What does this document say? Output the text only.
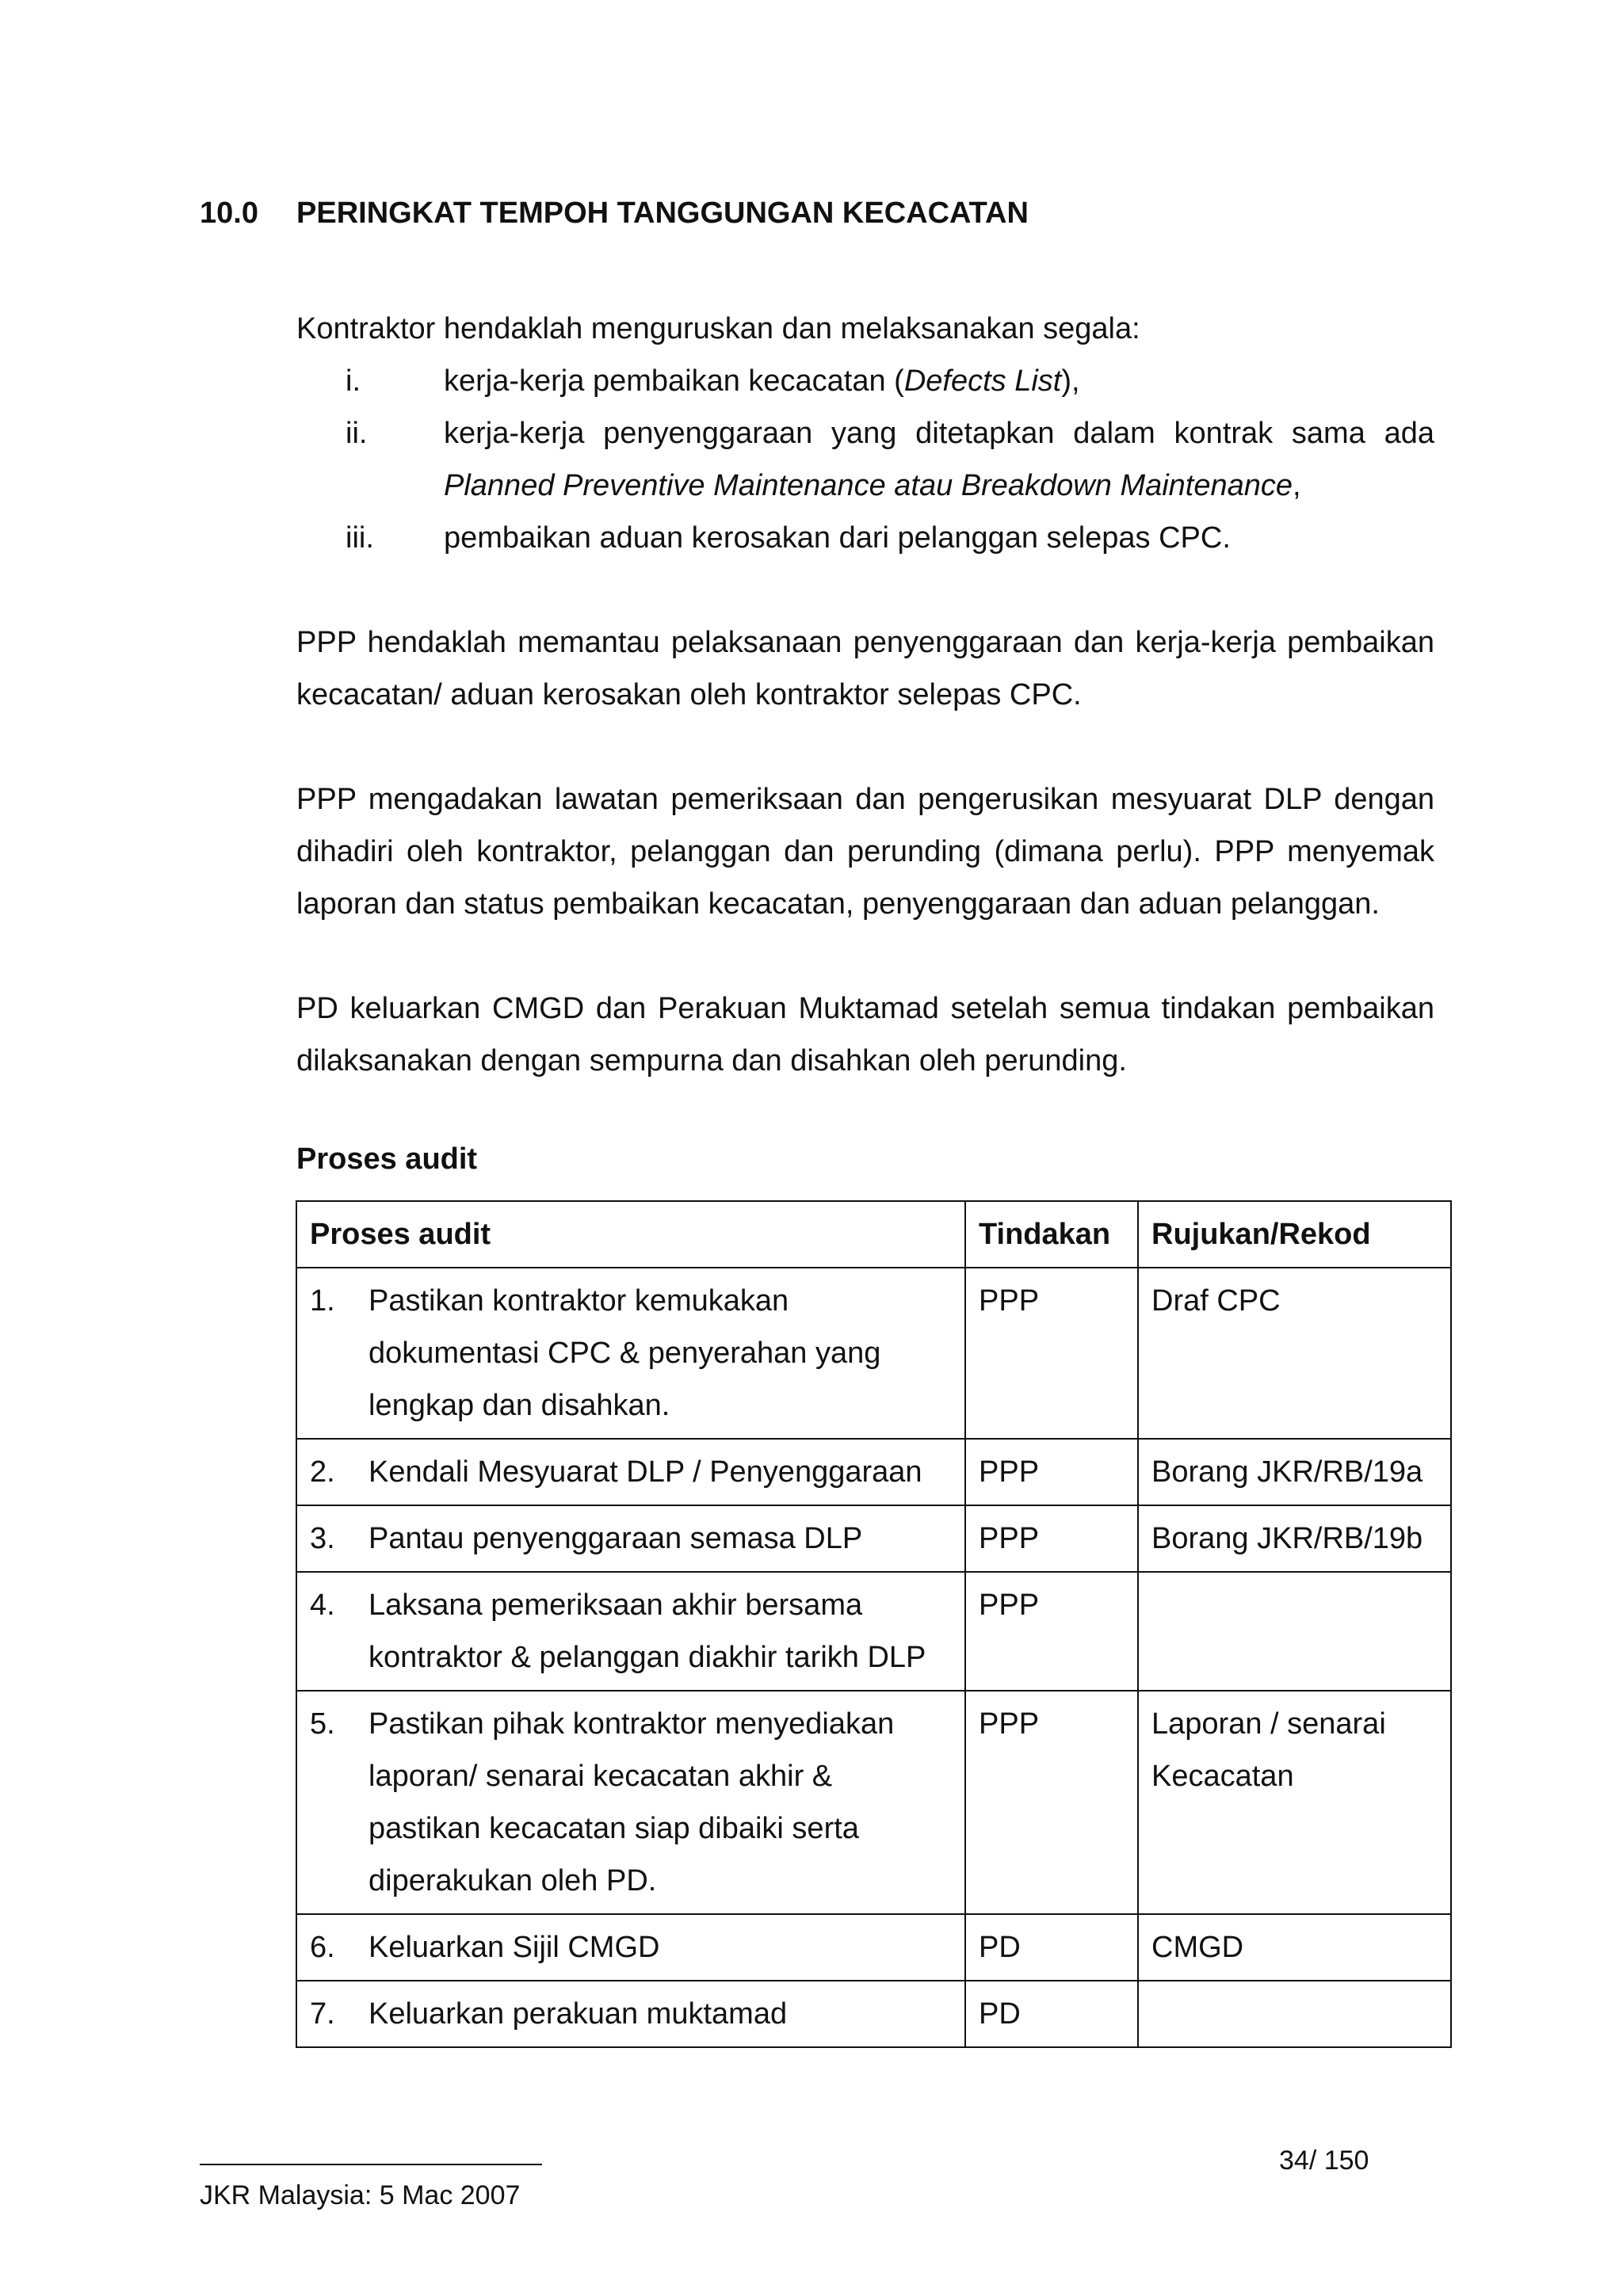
10.0	PERINGKAT TEMPOH TANGGUNGAN KECACATAN
Kontraktor hendaklah menguruskan dan melaksanakan segala:
i.	kerja-kerja pembaikan kecacatan (Defects List),
ii.	kerja-kerja penyenggaraan yang ditetapkan dalam kontrak sama ada
Planned Preventive Maintenance atau Breakdown Maintenance,
iii.	pembaikan aduan kerosakan dari pelanggan selepas CPC.
PPP hendaklah memantau pelaksanaan penyenggaraan dan kerja-kerja pembaikan kecacatan/ aduan kerosakan oleh kontraktor selepas CPC.
PPP mengadakan lawatan pemeriksaan dan pengerusikan mesyuarat DLP dengan dihadiri oleh kontraktor, pelanggan dan perunding (dimana perlu). PPP menyemak laporan dan status pembaikan kecacatan, penyenggaraan dan aduan pelanggan.
PD keluarkan CMGD dan Perakuan Muktamad setelah semua tindakan pembaikan dilaksanakan dengan sempurna dan disahkan oleh perunding.
Proses audit
Proses audit	Tindakan	Rujukan/Rekod

1. Pastikan kontraktor kemukakan dokumentasi CPC & penyerahan yang lengkap dan disahkan.	PPP	Draf CPC

2. Kendali Mesyuarat DLP / Penyenggaraan	PPP	Borang JKR/RB/19a

3. Pantau penyenggaraan semasa DLP	PPP	Borang JKR/RB/19b

4. Laksana pemeriksaan akhir bersama kontraktor & pelanggan diakhir tarikh DLP	PPP	

5. Pastikan pihak kontraktor menyediakan laporan/ senarai kecacatan akhir & pastikan kecacatan siap dibaiki serta diperakukan oleh PD.	PPP	Laporan / senarai Kecacatan

6. Keluarkan Sijil CMGD	PD	CMGD

7. Keluarkan perakuan muktamad	PD	
34/ 150
JKR Malaysia: 5 Mac 2007
